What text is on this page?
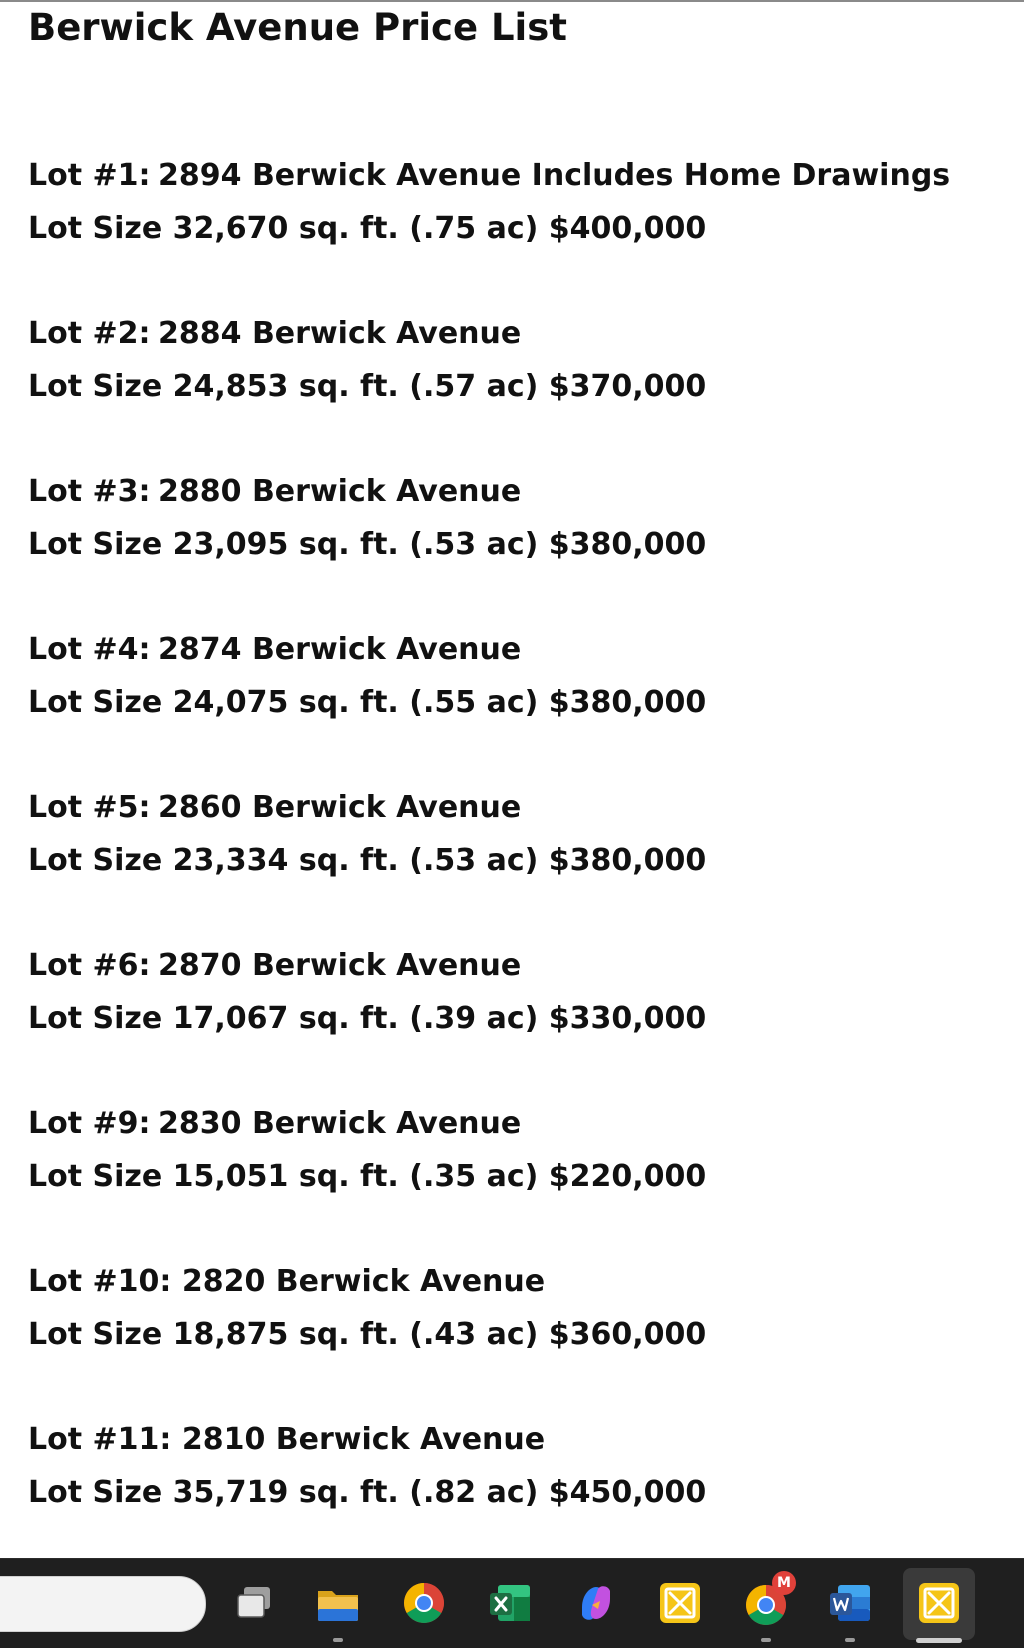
Berwick Avenue Price List
Lot #1: 2894 Berwick Avenue Includes Home Drawings
Lot Size 32,670 sq. ft. (.75 ac) $400,000
Lot #2: 2884 Berwick Avenue
Lot Size 24,853 sq. ft. (.57 ac) $370,000
Lot #3: 2880 Berwick Avenue
Lot Size 23,095 sq. ft. (.53 ac) $380,000
Lot #4: 2874 Berwick Avenue
Lot Size 24,075 sq. ft. (.55 ac) $380,000
Lot #5: 2860 Berwick Avenue
Lot Size 23,334 sq. ft. (.53 ac) $380,000
Lot #6: 2870 Berwick Avenue
Lot Size 17,067 sq. ft. (.39 ac) $330,000
Lot #9: 2830 Berwick Avenue
Lot Size 15,051 sq. ft. (.35 ac) $220,000
Lot #10: 2820 Berwick Avenue
Lot Size 18,875 sq. ft. (.43 ac) $360,000
Lot #11: 2810 Berwick Avenue
Lot Size 35,719 sq. ft. (.82 ac) $450,000
M
